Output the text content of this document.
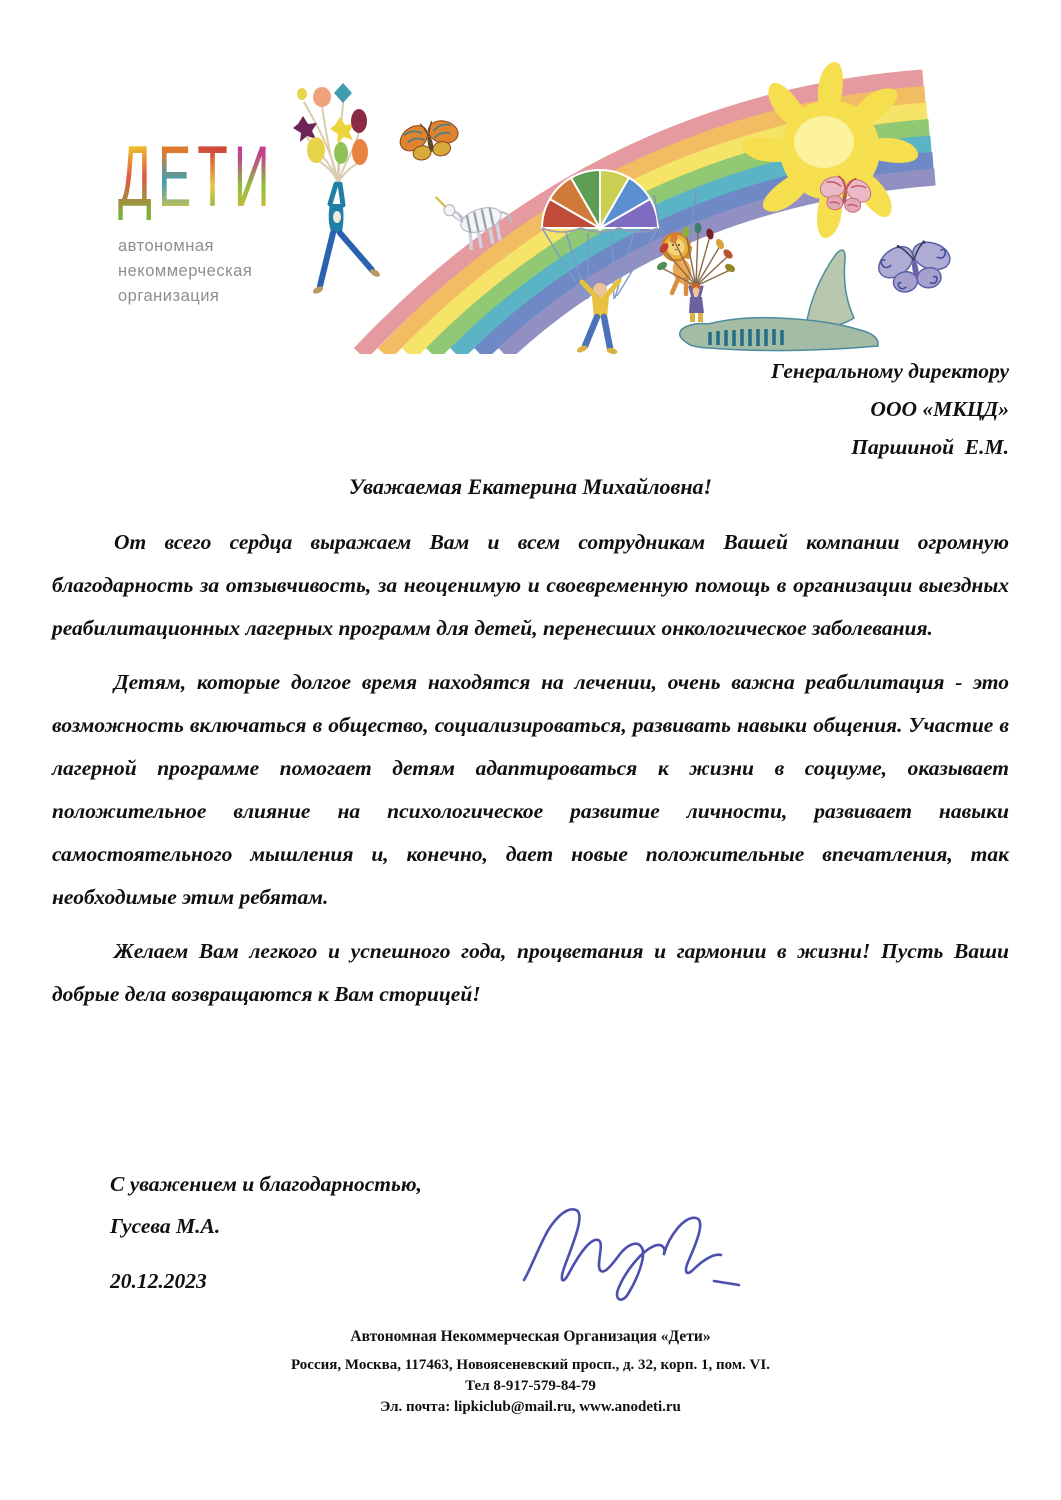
Д Е Т И
автономная
некоммерческая
организация
Генеральному директору
ООО «МКЦД»
Паршиной  Е.М.
Уважаемая Екатерина Михайловна!

От всего сердца выражаем Вам и всем сотрудникам Вашей компании огромную благодарность за отзывчивость, за неоценимую и своевременную помощь в организации выездных реабилитационных лагерных программ для детей, перенесших онкологическое заболевания.

Детям, которые долгое время находятся на лечении, очень важна реабилитация - это возможность включаться в общество, социализироваться, развивать навыки общения. Участие в лагерной программе помогает детям адаптироваться к жизни в социуме, оказывает положительное влияние на психологическое развитие личности, развивает навыки самостоятельного мышления и, конечно, дает новые положительные впечатления, так необходимые этим ребятам.

Желаем Вам легкого и успешного года, процветания и гармонии в жизни! Пусть Ваши добрые дела возвращаются к Вам сторицей!

С уважением и благодарностью,
Гусева М.А.
20.12.2023
Автономная Некоммерческая Организация «Дети»
Россия, Москва, 117463, Новоясеневский просп., д. 32, корп. 1, пом. VI.
Тел 8-917-579-84-79
Эл. почта: lipkiclub@mail.ru, www.anodeti.ru
